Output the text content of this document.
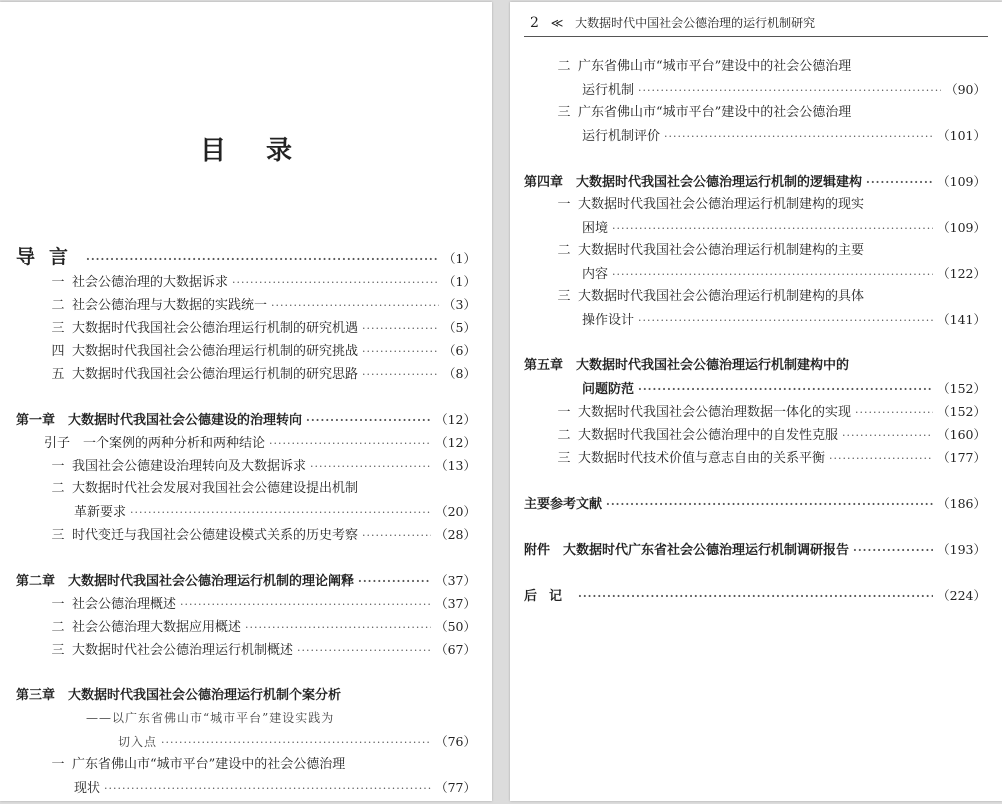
目录
导言 ·····	（1）
一 社会公德治理的大数据诉求 ·····	（1）
二 社会公德治理与大数据的实践统一 ·····	（3）
三 大数据时代我国社会公德治理运行机制的研究机遇 ·····	（5）
四 大数据时代我国社会公德治理运行机制的研究挑战 ·····	（6）
五 大数据时代我国社会公德治理运行机制的研究思路 ·····	（8）
第一章　大数据时代我国社会公德建设的治理转向 ·····	（12）
引子　一个案例的两种分析和两种结论 ·····	（12）
一 我国社会公德建设治理转向及大数据诉求 ·····	（13）
二 大数据时代社会发展对我国社会公德建设提出机制
革新要求 ·····	（20）
三 时代变迁与我国社会公德建设模式关系的历史考察 ·····	（28）
第二章　大数据时代我国社会公德治理运行机制的理论阐释 ·····	（37）
一 社会公德治理概述 ·····	（37）
二 社会公德治理大数据应用概述 ·····	（50）
三 大数据时代社会公德治理运行机制概述 ·····	（67）
第三章　大数据时代我国社会公德治理运行机制个案分析
——以广东省佛山市“城市平台”建设实践为
切入点 ·····	（76）
一 广东省佛山市“城市平台”建设中的社会公德治理
现状 ·····	（77）
2 ≪ 大数据时代中国社会公德治理的运行机制研究
二 广东省佛山市“城市平台”建设中的社会公德治理
运行机制 ·····	（90）
三 广东省佛山市“城市平台”建设中的社会公德治理
运行机制评价 ·····	（101）
第四章　大数据时代我国社会公德治理运行机制的逻辑建构 ·····	（109）
一 大数据时代我国社会公德治理运行机制建构的现实
困境 ·····	（109）
二 大数据时代我国社会公德治理运行机制建构的主要
内容 ·····	（122）
三 大数据时代我国社会公德治理运行机制建构的具体
操作设计 ·····	（141）
第五章　大数据时代我国社会公德治理运行机制建构中的
问题防范 ·····	（152）
一 大数据时代我国社会公德治理数据一体化的实现 ·····	（152）
二 大数据时代我国社会公德治理中的自发性克服 ·····	（160）
三 大数据时代技术价值与意志自由的关系平衡 ·····	（177）
主要参考文献 ·····	（186）
附件　大数据时代广东省社会公德治理运行机制调研报告 ·····	（193）
后记 ·····	（224）
